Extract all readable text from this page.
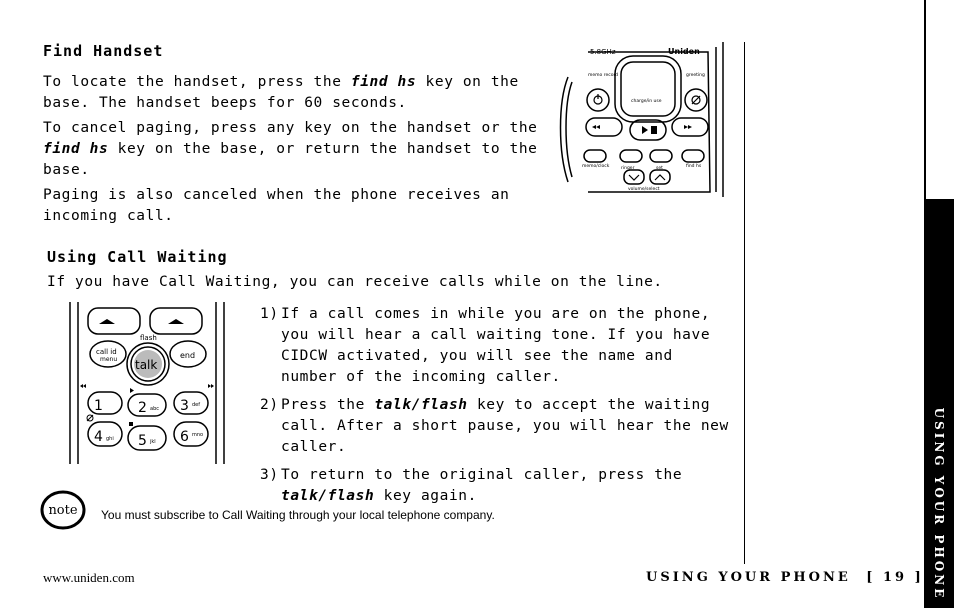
USING YOUR PHONE
Find Handset
To locate the handset, press the find hs key on the base. The handset beeps for 60 seconds.
To cancel paging, press any key on the handset or the find hs key on the base, or return the handset to the base.
Paging is also canceled when the phone receives an incoming call.
5.8GHz	Uniden
memo record	greeting
charge/in use
memo/clock	ringer	set	find hs
volume/select
Using Call Waiting
If you have Call Waiting, you can receive calls while on the line.
flash
call id
menu talk
end
1	2 abc 3 def
4 ghi 5 jkl 6 mno
1) If a call comes in while you are on the phone, you will hear a call waiting tone. If you have CIDCW activated, you will see the name and number of the incoming caller.
2) Press the talk/flash key to accept the waiting call. After a short pause, you will hear the new caller.
3) To return to the original caller, press the talk/flash key again.
note You must subscribe to Call Waiting through your local telephone company.
www.uniden.com	USING YOUR PHONE [ 19 ]
